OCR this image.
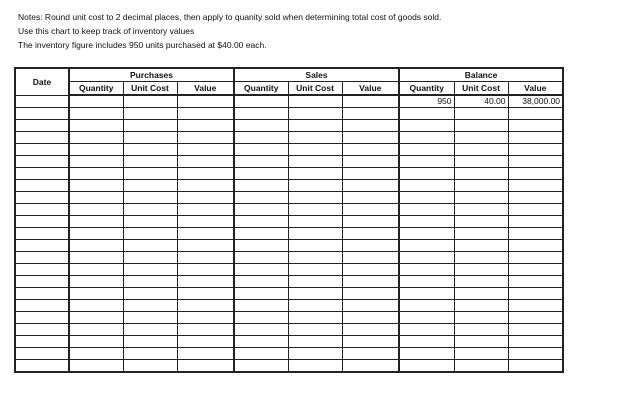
Notes: Round unit cost to 2 decimal places, then apply to quanity sold when determining total cost of goods sold.
Use this chart to keep track of inventory values
The inventory figure includes 950 units purchased at $40.00 each.
Date	Purchases			Sales			Balance		
	Quantity	Unit Cost	Value	Quantity	Unit Cost	Value	Quantity	Unit Cost	Value
							950	40.00	38,000.00
